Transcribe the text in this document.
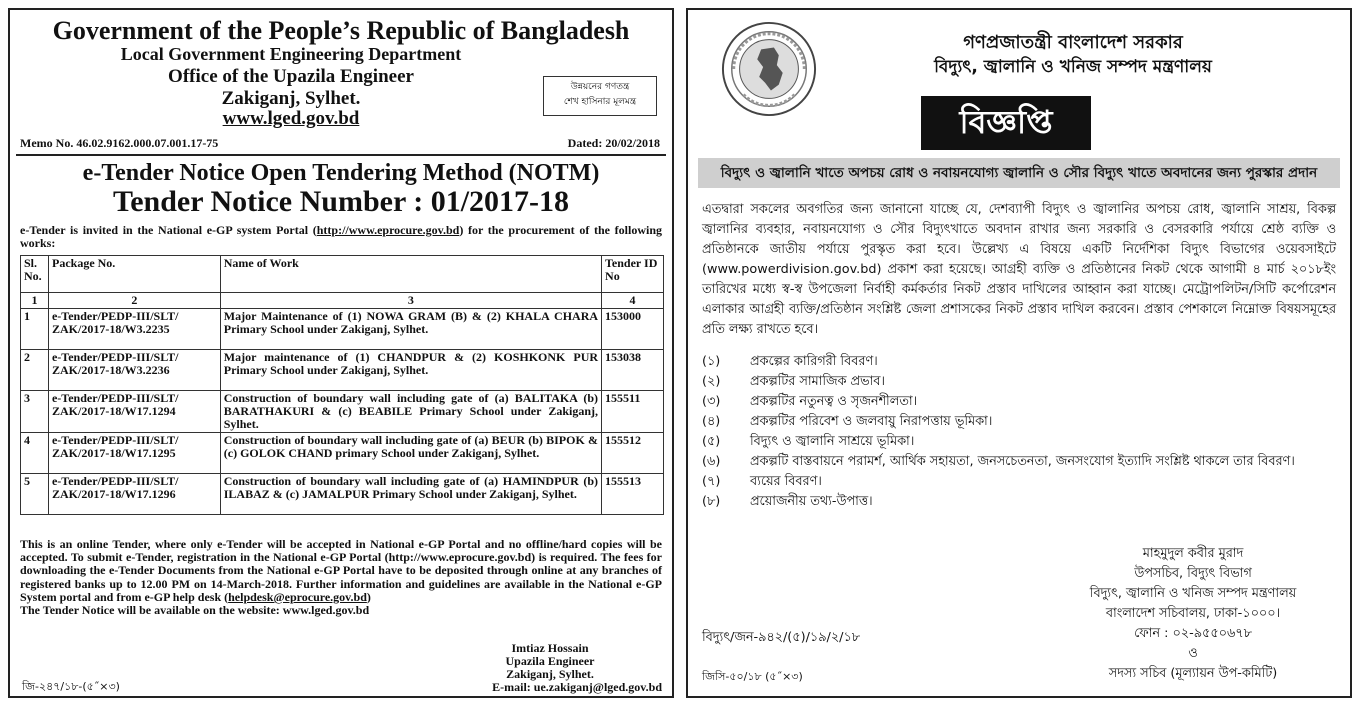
Government of the People’s Republic of Bangladesh
Local Government Engineering Department
Office of the Upazila Engineer
Zakiganj, Sylhet.
www.lged.gov.bd
উন্নয়নের গণতন্ত্র
শেখ হাসিনার মূলমন্ত্র
Memo No. 46.02.9162.000.07.001.17-75	Dated: 20/02/2018
e-Tender Notice Open Tendering Method (NOTM)
Tender Notice Number : 01/2017-18
e-Tender is invited in the National e-GP system Portal (http://www.eprocure.gov.bd) for the procurement of the following works:
Sl. No.	Package No.	Name of Work	Tender ID No
1	2	3	4
1	e-Tender/PEDP-III/SLT/ ZAK/2017-18/W3.2235	Major Maintenance of (1) NOWA GRAM (B) & (2) KHALA CHARA Primary School under Zakiganj, Sylhet.	153000
2	e-Tender/PEDP-III/SLT/ ZAK/2017-18/W3.2236	Major maintenance of (1) CHANDPUR & (2) KOSHKONK PUR Primary School under Zakiganj, Sylhet.	153038
3	e-Tender/PEDP-III/SLT/ ZAK/2017-18/W17.1294	Construction of boundary wall including gate of (a) BALITAKA (b) BARATHAKURI & (c) BEABILE Primary School under Zakiganj, Sylhet.	155511
4	e-Tender/PEDP-III/SLT/ ZAK/2017-18/W17.1295	Construction of boundary wall including gate of (a) BEUR (b) BIPOK & (c) GOLOK CHAND primary School under Zakiganj, Sylhet.	155512
5	e-Tender/PEDP-III/SLT/ ZAK/2017-18/W17.1296	Construction of boundary wall including gate of (a) HAMINDPUR (b) ILABAZ & (c) JAMALPUR Primary School under Zakiganj, Sylhet.	155513
This is an online Tender, where only e-Tender will be accepted in National e-GP Portal and no offline/hard copies will be accepted. To submit e-Tender, registration in the National e-GP Portal (http://www.eprocure.gov.bd) is required. The fees for downloading the e-Tender Documents from the National e-GP Portal have to be deposited through online at any branches of registered banks up to 12.00 PM on 14-March-2018. Further information and guidelines are available in the National e-GP System portal and from e-GP help desk (helpdesk@eprocure.gov.bd)
The Tender Notice will be available on the website: www.lged.gov.bd
Imtiaz Hossain
Upazila Engineer
Zakiganj, Sylhet.
E-mail: ue.zakiganj@lged.gov.bd
জি-২৪৭/১৮-(৫˝×৩)
গণপ্রজাতন্ত্রী বাংলাদেশ সরকার
বিদ্যুৎ, জ্বালানি ও খনিজ সম্পদ মন্ত্রণালয়
বিজ্ঞপ্তি
বিদ্যুৎ ও জ্বালানি খাতে অপচয় রোধ ও নবায়নযোগ্য জ্বালানি ও সৌর বিদ্যুৎ খাতে অবদানের জন্য পুরস্কার প্রদান
এতদ্বারা সকলের অবগতির জন্য জানানো যাচ্ছে যে, দেশব্যাপী বিদ্যুৎ ও জ্বালানির অপচয় রোধ, জ্বালানি সাশ্রয়, বিকল্প জ্বালানির ব্যবহার, নবায়নযোগ্য ও সৌর বিদ্যুৎখাতে অবদান রাখার জন্য সরকারি ও বেসরকারি পর্যায়ে শ্রেষ্ঠ ব্যক্তি ও প্রতিষ্ঠানকে জাতীয় পর্যায়ে পুরস্কৃত করা হবে। উল্লেখ্য এ বিষয়ে একটি নির্দেশিকা বিদ্যুৎ বিভাগের ওয়েবসাইটে (www.powerdivision.gov.bd) প্রকাশ করা হয়েছে। আগ্রহী ব্যক্তি ও প্রতিষ্ঠানের নিকট থেকে আগামী ৪ মার্চ ২০১৮ইং তারিখের মধ্যে স্ব-স্ব উপজেলা নির্বাহী কর্মকর্তার নিকট প্রস্তাব দাখিলের আহ্বান করা যাচ্ছে। মেট্রোপলিটন/সিটি কর্পোরেশন এলাকার আগ্রহী ব্যক্তি/প্রতিষ্ঠান সংশ্লিষ্ট জেলা প্রশাসকের নিকট প্রস্তাব দাখিল করবেন। প্রস্তাব পেশকালে নিম্নোক্ত বিষয়সমূহের প্রতি লক্ষ্য রাখতে হবে।
(১)	প্রকল্পের কারিগরী বিবরণ।
(২)	প্রকল্পটির সামাজিক প্রভাব।
(৩)	প্রকল্পটির নতুনত্ব ও সৃজনশীলতা।
(৪)	প্রকল্পটির পরিবেশ ও জলবায়ু নিরাপত্তায় ভূমিকা।
(৫)	বিদ্যুৎ ও জ্বালানি সাশ্রয়ে ভূমিকা।
(৬)	প্রকল্পটি বাস্তবায়নে পরামর্শ, আর্থিক সহায়তা, জনসচেতনতা, জনসংযোগ ইত্যাদি সংশ্লিষ্ট থাকলে তার বিবরণ।
(৭)	ব্যয়ের বিবরণ।
(৮)	প্রয়োজনীয় তথ্য-উপাত্ত।
মাহমুদুল কবীর মুরাদ
উপসচিব, বিদ্যুৎ বিভাগ
বিদ্যুৎ, জ্বালানি ও খনিজ সম্পদ মন্ত্রণালয়
বাংলাদেশ সচিবালয়, ঢাকা-১০০০।
ফোন : ০২-৯৫৫০৬৭৮
ও
সদস্য সচিব (মূল্যায়ন উপ-কমিটি)
বিদ্যুৎ/জন-৯৪২/(৫)/১৯/২/১৮
জিসি-৫০/১৮ (৫˝×৩)
